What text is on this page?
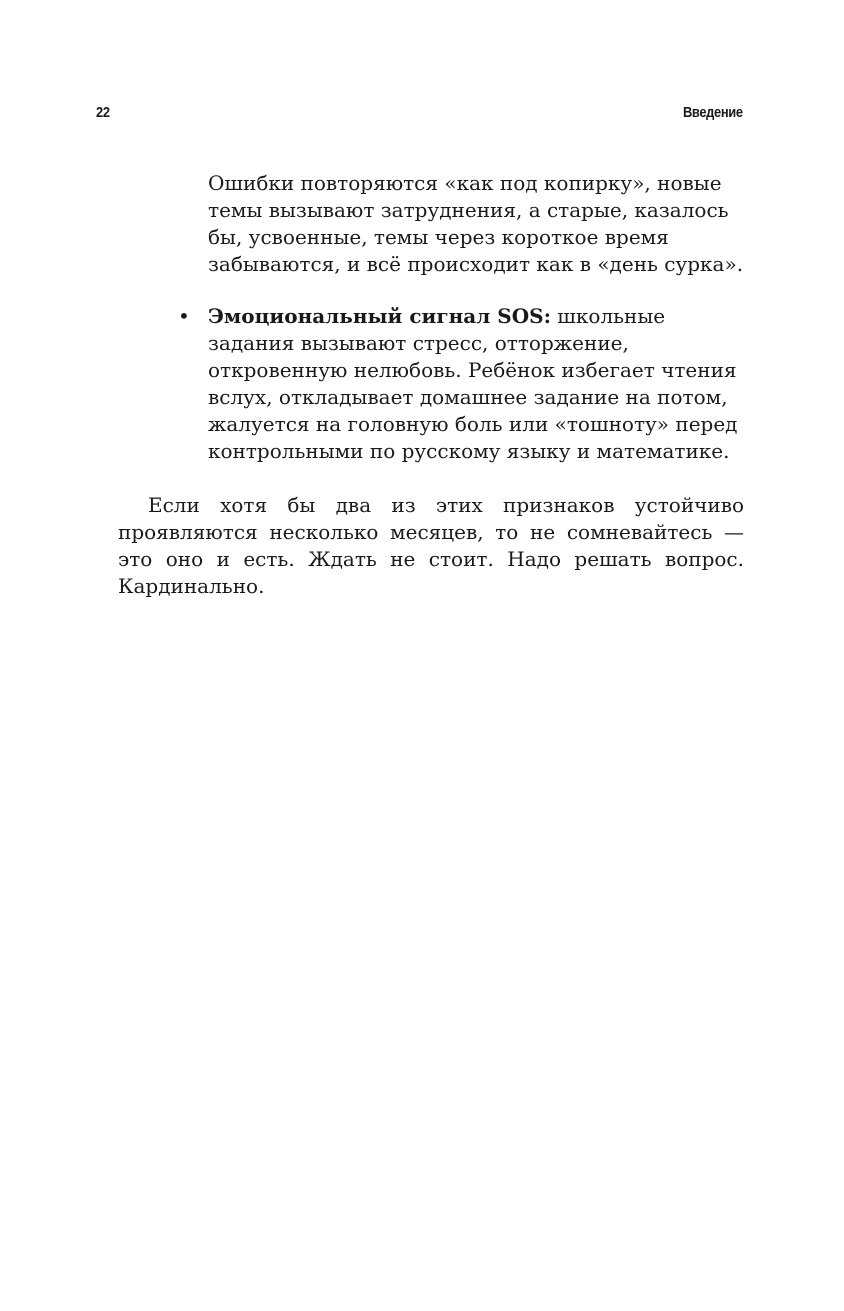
22	Введение

Ошибки повторяются «как под копирку», новые темы вызывают затруднения, а старые, казалось бы, усвоенные, темы через короткое время забываются, и всё происходит как в «день сурка».

• Эмоциональный сигнал SOS: школьные задания вызывают стресс, отторжение, откровенную нелюбовь. Ребёнок избегает чтения вслух, откладывает домашнее задание на потом, жалуется на головную боль или «тошноту» перед контрольными по русскому языку и математике.

Если хотя бы два из этих признаков устойчиво проявляются несколько месяцев, то не сомневайтесь — это оно и есть. Ждать не стоит. Надо решать вопрос. Кардинально.
